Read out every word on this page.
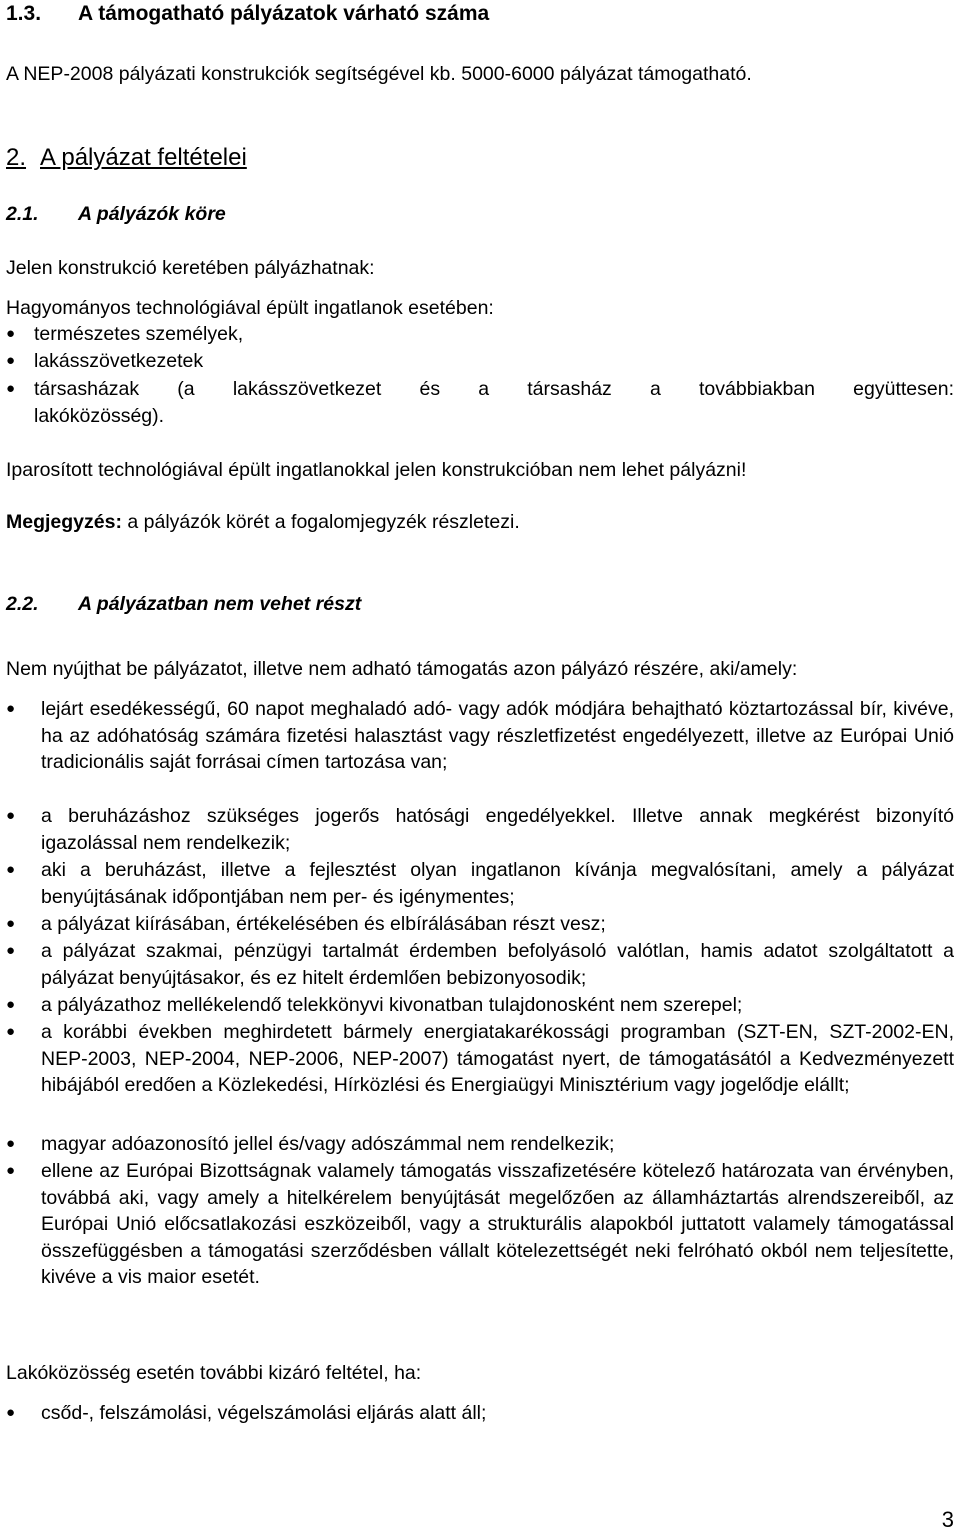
1.3. A támogatható pályázatok várható száma
A NEP-2008 pályázati konstrukciók segítségével kb. 5000-6000 pályázat támogatható.
2. A pályázat feltételei
2.1. A pályázók köre
Jelen konstrukció keretében pályázhatnak:
Hagyományos technológiával épült ingatlanok esetében:
● természetes személyek,
● lakásszövetkezetek
● társasházak (a lakásszövetkezet és a társasház a továbbiakban együttesen:
lakóközösség).
Iparosított technológiával épült ingatlanokkal jelen konstrukcióban nem lehet pályázni!
Megjegyzés: a pályázók körét a fogalomjegyzék részletezi.
2.2. A pályázatban nem vehet részt
Nem nyújthat be pályázatot, illetve nem adható támogatás azon pályázó részére, aki/amely:
● lejárt esedékességű, 60 napot meghaladó adó- vagy adók módjára behajtható köztartozással bír, kivéve, ha az adóhatóság számára fizetési halasztást vagy részletfizetést engedélyezett, illetve az Európai Unió tradicionális saját forrásai címen tartozása van;
● a beruházáshoz szükséges jogerős hatósági engedélyekkel. Illetve annak megkérést bizonyító igazolással nem rendelkezik;
● aki a beruházást, illetve a fejlesztést olyan ingatlanon kívánja megvalósítani, amely a pályázat benyújtásának időpontjában nem per- és igénymentes;
● a pályázat kiírásában, értékelésében és elbírálásában részt vesz;
● a pályázat szakmai, pénzügyi tartalmát érdemben befolyásoló valótlan, hamis adatot szolgáltatott a pályázat benyújtásakor, és ez hitelt érdemlően bebizonyosodik;
● a pályázathoz mellékelendő telekkönyvi kivonatban tulajdonosként nem szerepel;
● a korábbi években meghirdetett bármely energiatakarékossági programban (SZT-EN, SZT-2002-EN, NEP-2003, NEP-2004, NEP-2006, NEP-2007) támogatást nyert, de támogatásától a Kedvezményezett hibájából eredően a Közlekedési, Hírközlési és Energiaügyi Minisztérium vagy jogelődje elállt;
● magyar adóazonosító jellel és/vagy adószámmal nem rendelkezik;
● ellene az Európai Bizottságnak valamely támogatás visszafizetésére kötelező határozata van érvényben, továbbá aki, vagy amely a hitelkérelem benyújtását megelőzően az államháztartás alrendszereiből, az Európai Unió előcsatlakozási eszközeiből, vagy a strukturális alapokból juttatott valamely támogatással összefüggésben a támogatási szerződésben vállalt kötelezettségét neki felróható okból nem teljesítette, kivéve a vis maior esetét.
Lakóközösség esetén további kizáró feltétel, ha:
● csőd-, felszámolási, végelszámolási eljárás alatt áll;
3
